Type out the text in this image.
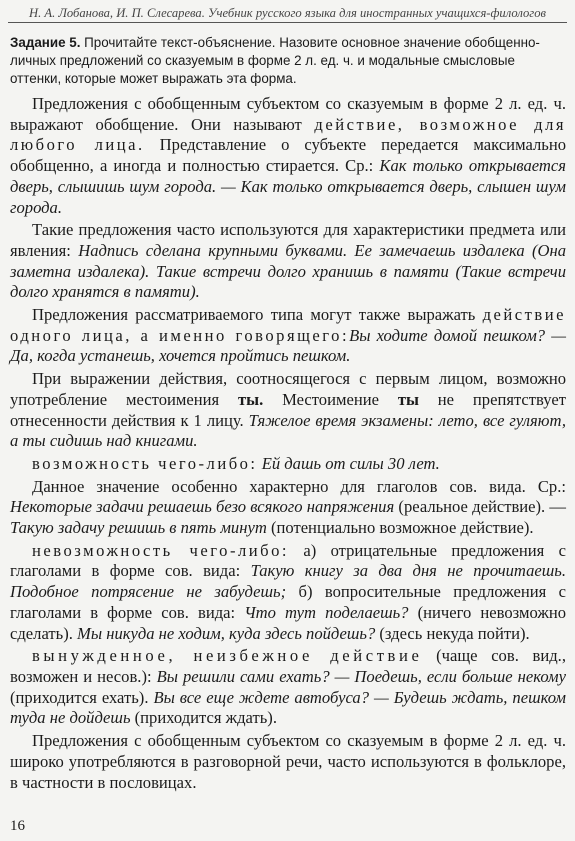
Н. А. Лобанова, И. П. Слесарева. Учебник русского языка для иностранных учащихся-филологов

Задание 5. Прочитайте текст-объяснение. Назовите основное значение обобщенно-личных предложений со сказуемым в форме 2 л. ед. ч. и модальные смысловые оттенки, которые может выражать эта форма.

Предложения с обобщенным субъектом со сказуемым в форме 2 л. ед. ч. выражают обобщение. Они называют действие, возможное для любого лица. Представление о субъекте передается максимально обобщенно, а иногда и полностью стирается. Ср.: Как только открывается дверь, слышишь шум города. — Как только открывается дверь, слышен шум города.

Такие предложения часто используются для характеристики предмета или явления: Надпись сделана крупными буквами. Ее замечаешь издалека (Она заметна издалека). Такие встречи долго хранишь в памяти (Такие встречи долго хранятся в памяти).

Предложения рассматриваемого типа могут также выражать действие одного лица, а именно говорящего:Вы ходите домой пешком? — Да, когда устанешь, хочется пройтись пешком.

При выражении действия, соотносящегося с первым лицом, возможно употребление местоимения ты. Местоимение ты не препятствует отнесенности действия к 1 лицу. Тяжелое время экзамены: лето, все гуляют, а ты сидишь над книгами.

возможность чего-либо: Ей дашь от силы 30 лет.

Данное значение особенно характерно для глаголов сов. вида. Ср.: Некоторые задачи решаешь безо всякого напряжения (реальное действие). — Такую задачу решишь в пять минут (потенциально возможное действие).

невозможность чего-либо: а) отрицательные предложения с глаголами в форме сов. вида: Такую книгу за два дня не прочитаешь. Подобное потрясение не забудешь; б) вопросительные предложения с глаголами в форме сов. вида: Что тут поделаешь? (ничего невозможно сделать). Мы никуда не ходим, куда здесь пойдешь? (здесь некуда пойти).

вынужденное, неизбежное действие (чаще сов. вид., возможен и несов.): Вы решили сами ехать? — Поедешь, если больше некому (приходится ехать). Вы все еще ждете автобуса? — Будешь ждать, пешком туда не дойдешь (приходится ждать).

Предложения с обобщенным субъектом со сказуемым в форме 2 л. ед. ч. широко употребляются в разговорной речи, часто используются в фольклоре, в частности в пословицах.

16
